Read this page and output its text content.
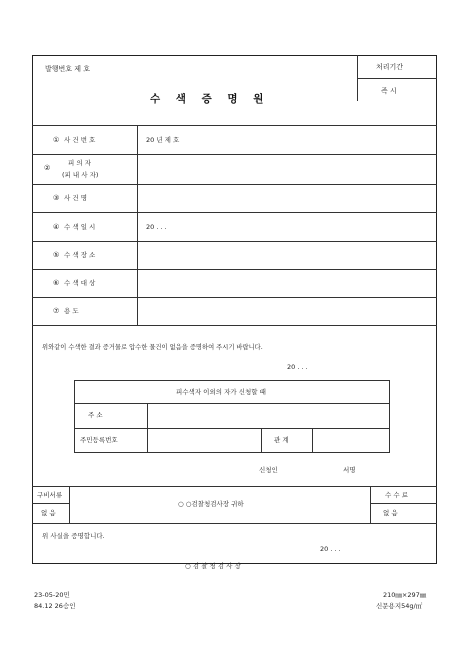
발행번호 제 호	처리기간
즉 시
수 색 증 명 원
① 사 건 번 호	20 년 제 호
②
피 의 자
(피 내 사 자)
③ 사 건 명
④ 수 색 일 시	20 . . .
⑤ 수 색 장 소
⑥ 수 색 대 상
⑦ 용 도
위와같이 수색한 결과 증거물로 압수한 물건이 없음을 증명하여 주시기 바랍니다.
20 . . .
피수색자 이외의 자가 신청할 때
주 소
주민등록번호	관 계
신청인	서명
구비서류
없 음
○ ○검찰청검사장 귀하
수 수 료
없 음
위 사실을 증명합니다.
20 . . .
○ 검 찰 청 검 사 장
23-05-20민
84.12 26승인
210㎜×297㎜
신문용지54g/㎡
